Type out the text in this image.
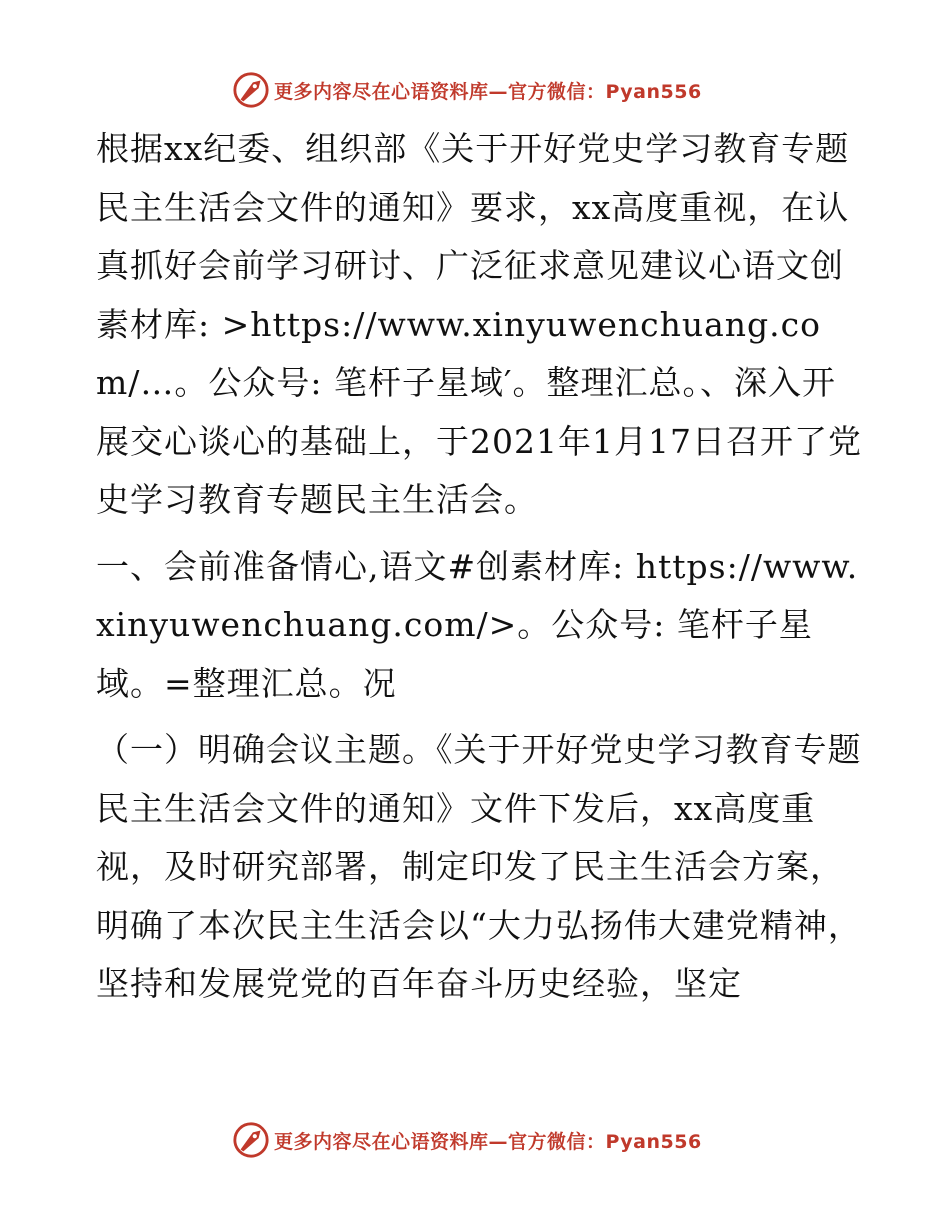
更多内容尽在心语资料库 —官方微信：Pyan556

根据xx纪委、组织部《关于开好党史学习教育专题民主生活会文件的通知》要求，xx高度重视，在认真抓好会前学习研讨、广泛征求意见建议心语文创素材库: >https://www.xinyuwenchuang.com/…。公众号: 笔杆子星域′。整理汇总。、深入开展交心谈心的基础上，于2021年1月17日召开了党史学习教育专题民主生活会。

一、会前准备情心,语文#创素材库: https://www.xinyuwenchuang.com/>。公众号: 笔杆子星域。=整理汇总。况

（一）明确会议主题。《关于开好党史学习教育专题民主生活会文件的通知》文件下发后，xx高度重视，及时研究部署，制定印发了民主生活会方案，明确了本次民主生活会以“大力弘扬伟大建党精神，坚持和发展党党的百年奋斗历史经验，坚定

更多内容尽在心语资料库 —官方微信：Pyan556
